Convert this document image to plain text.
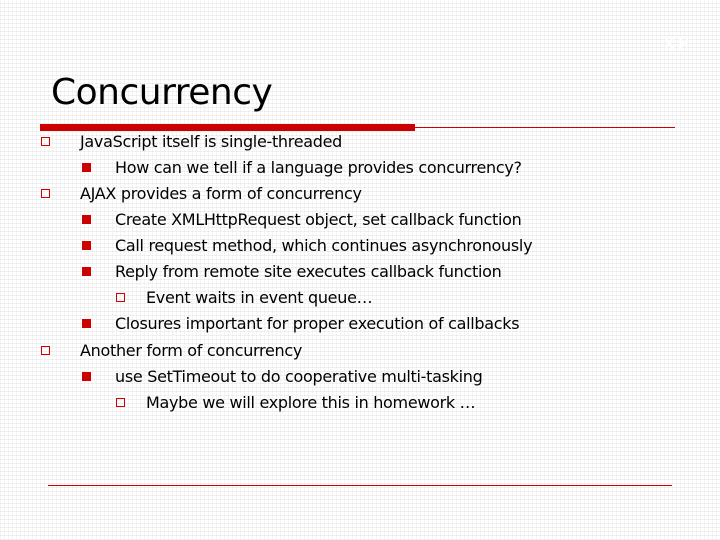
XP
Concurrency
JavaScript itself is single-threaded
How can we tell if a language provides concurrency?
AJAX provides a form of concurrency
Create XMLHttpRequest object, set callback function
Call request method, which continues asynchronously
Reply from remote site executes callback function
Event waits in event queue…
Closures important for proper execution of callbacks
Another form of concurrency
use SetTimeout to do cooperative multi-tasking
Maybe we will explore this in homework …
